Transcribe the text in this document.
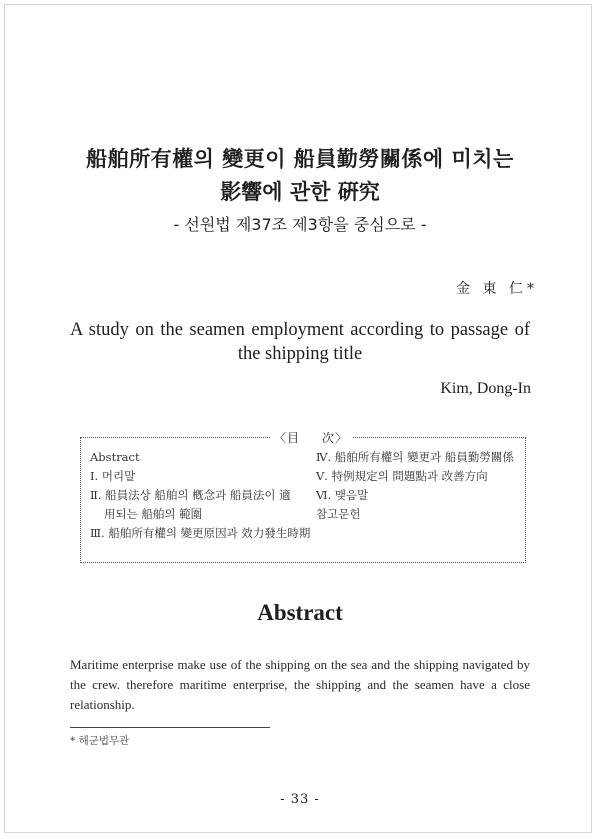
船舶所有權의 變更이 船員勤勞關係에 미치는
影響에 관한 硏究
- 선원법 제37조 제3항을 중심으로 -
金 東 仁*
A study on the seamen employment according to passage of the shipping title
Kim, Dong-In
〈目 次〉
Abstract
Ⅰ. 머리말
Ⅱ. 船員法상 船舶의 槪念과 船員法이 適
用되는 船舶의 範圍
Ⅲ. 船舶所有權의 變更原因과 效力發生時期
Ⅳ. 船舶所有權의 變更과 船員勤勞關係
Ⅴ. 特例規定의 問題點과 改善方向
Ⅵ. 맺음말
참고문헌
Abstract
Maritime enterprise make use of the shipping on the sea and the shipping navigated by the crew. therefore maritime enterprise, the shipping and the seamen have a close relationship.
* 해군법무관
- 33 -
